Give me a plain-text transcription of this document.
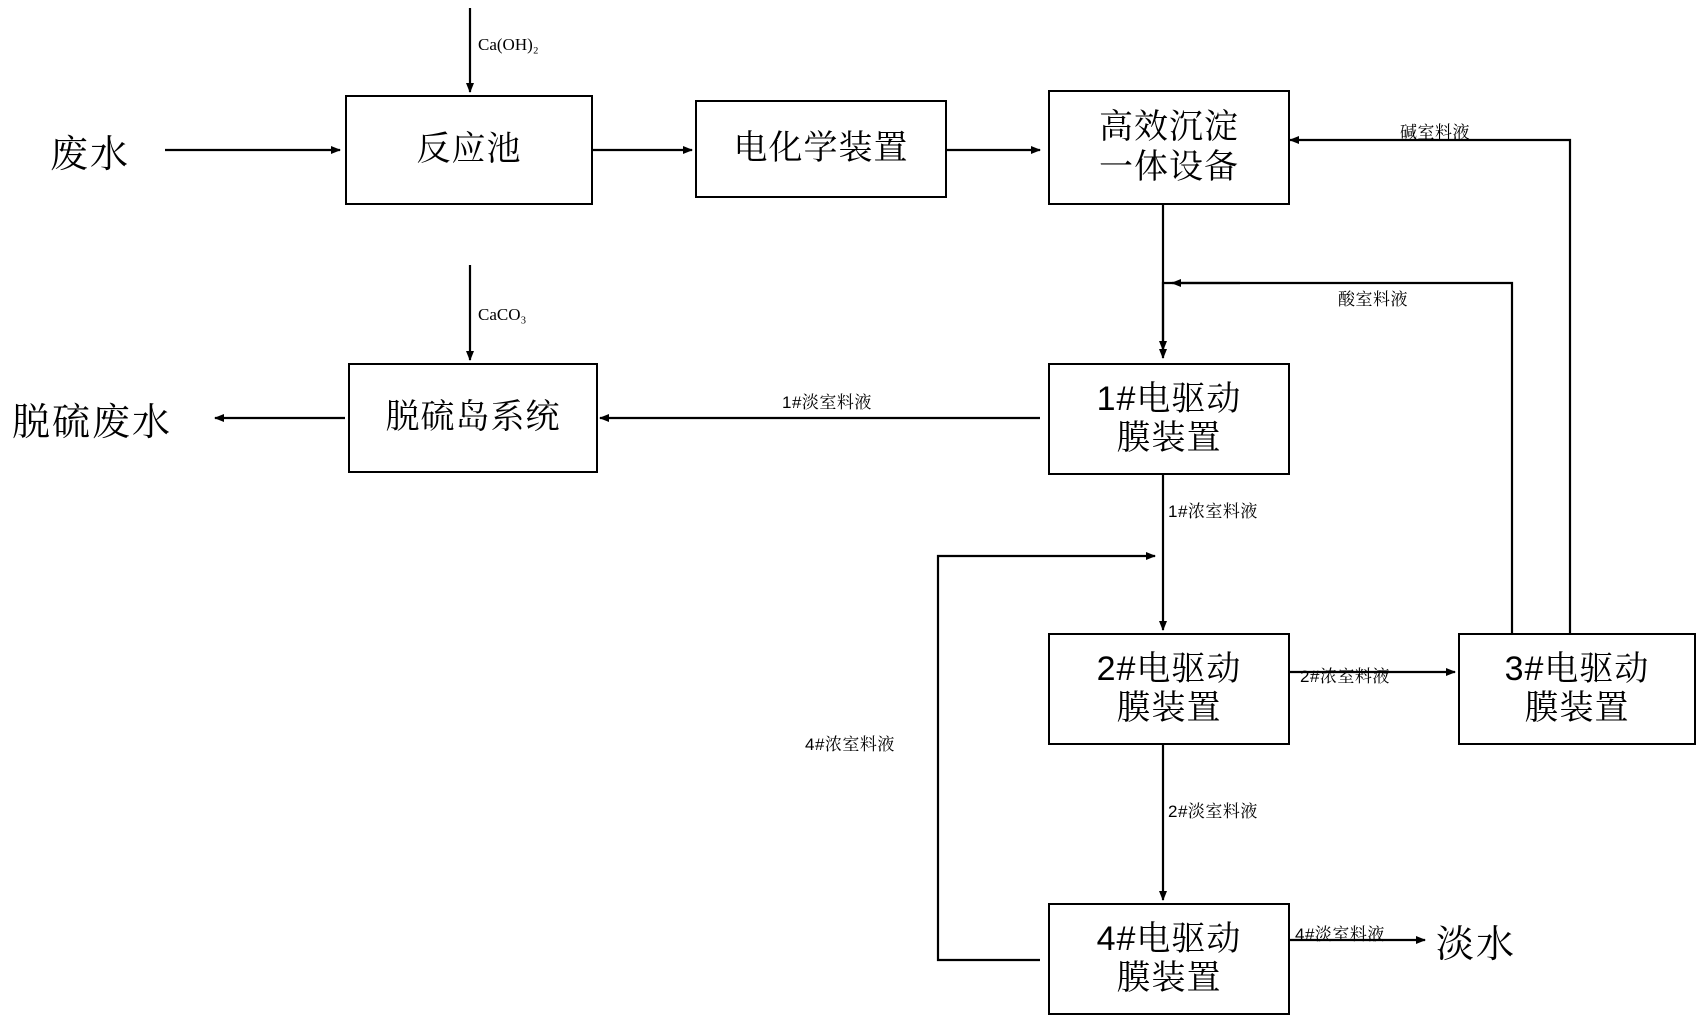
废水
脱硫废水
淡水
反应池	电化学装置
高效沉淀
一体设备
1#电驱动
膜装置
2#电驱动
膜装置
3#电驱动
膜装置
4#电驱动
膜装置
脱硫岛系统
Ca(OH)₂
CaCO₃
碱室料液
酸室料液
1#淡室料液
1#浓室料液
2#浓室料液
2#淡室料液
4#淡室料液
4#浓室料液
